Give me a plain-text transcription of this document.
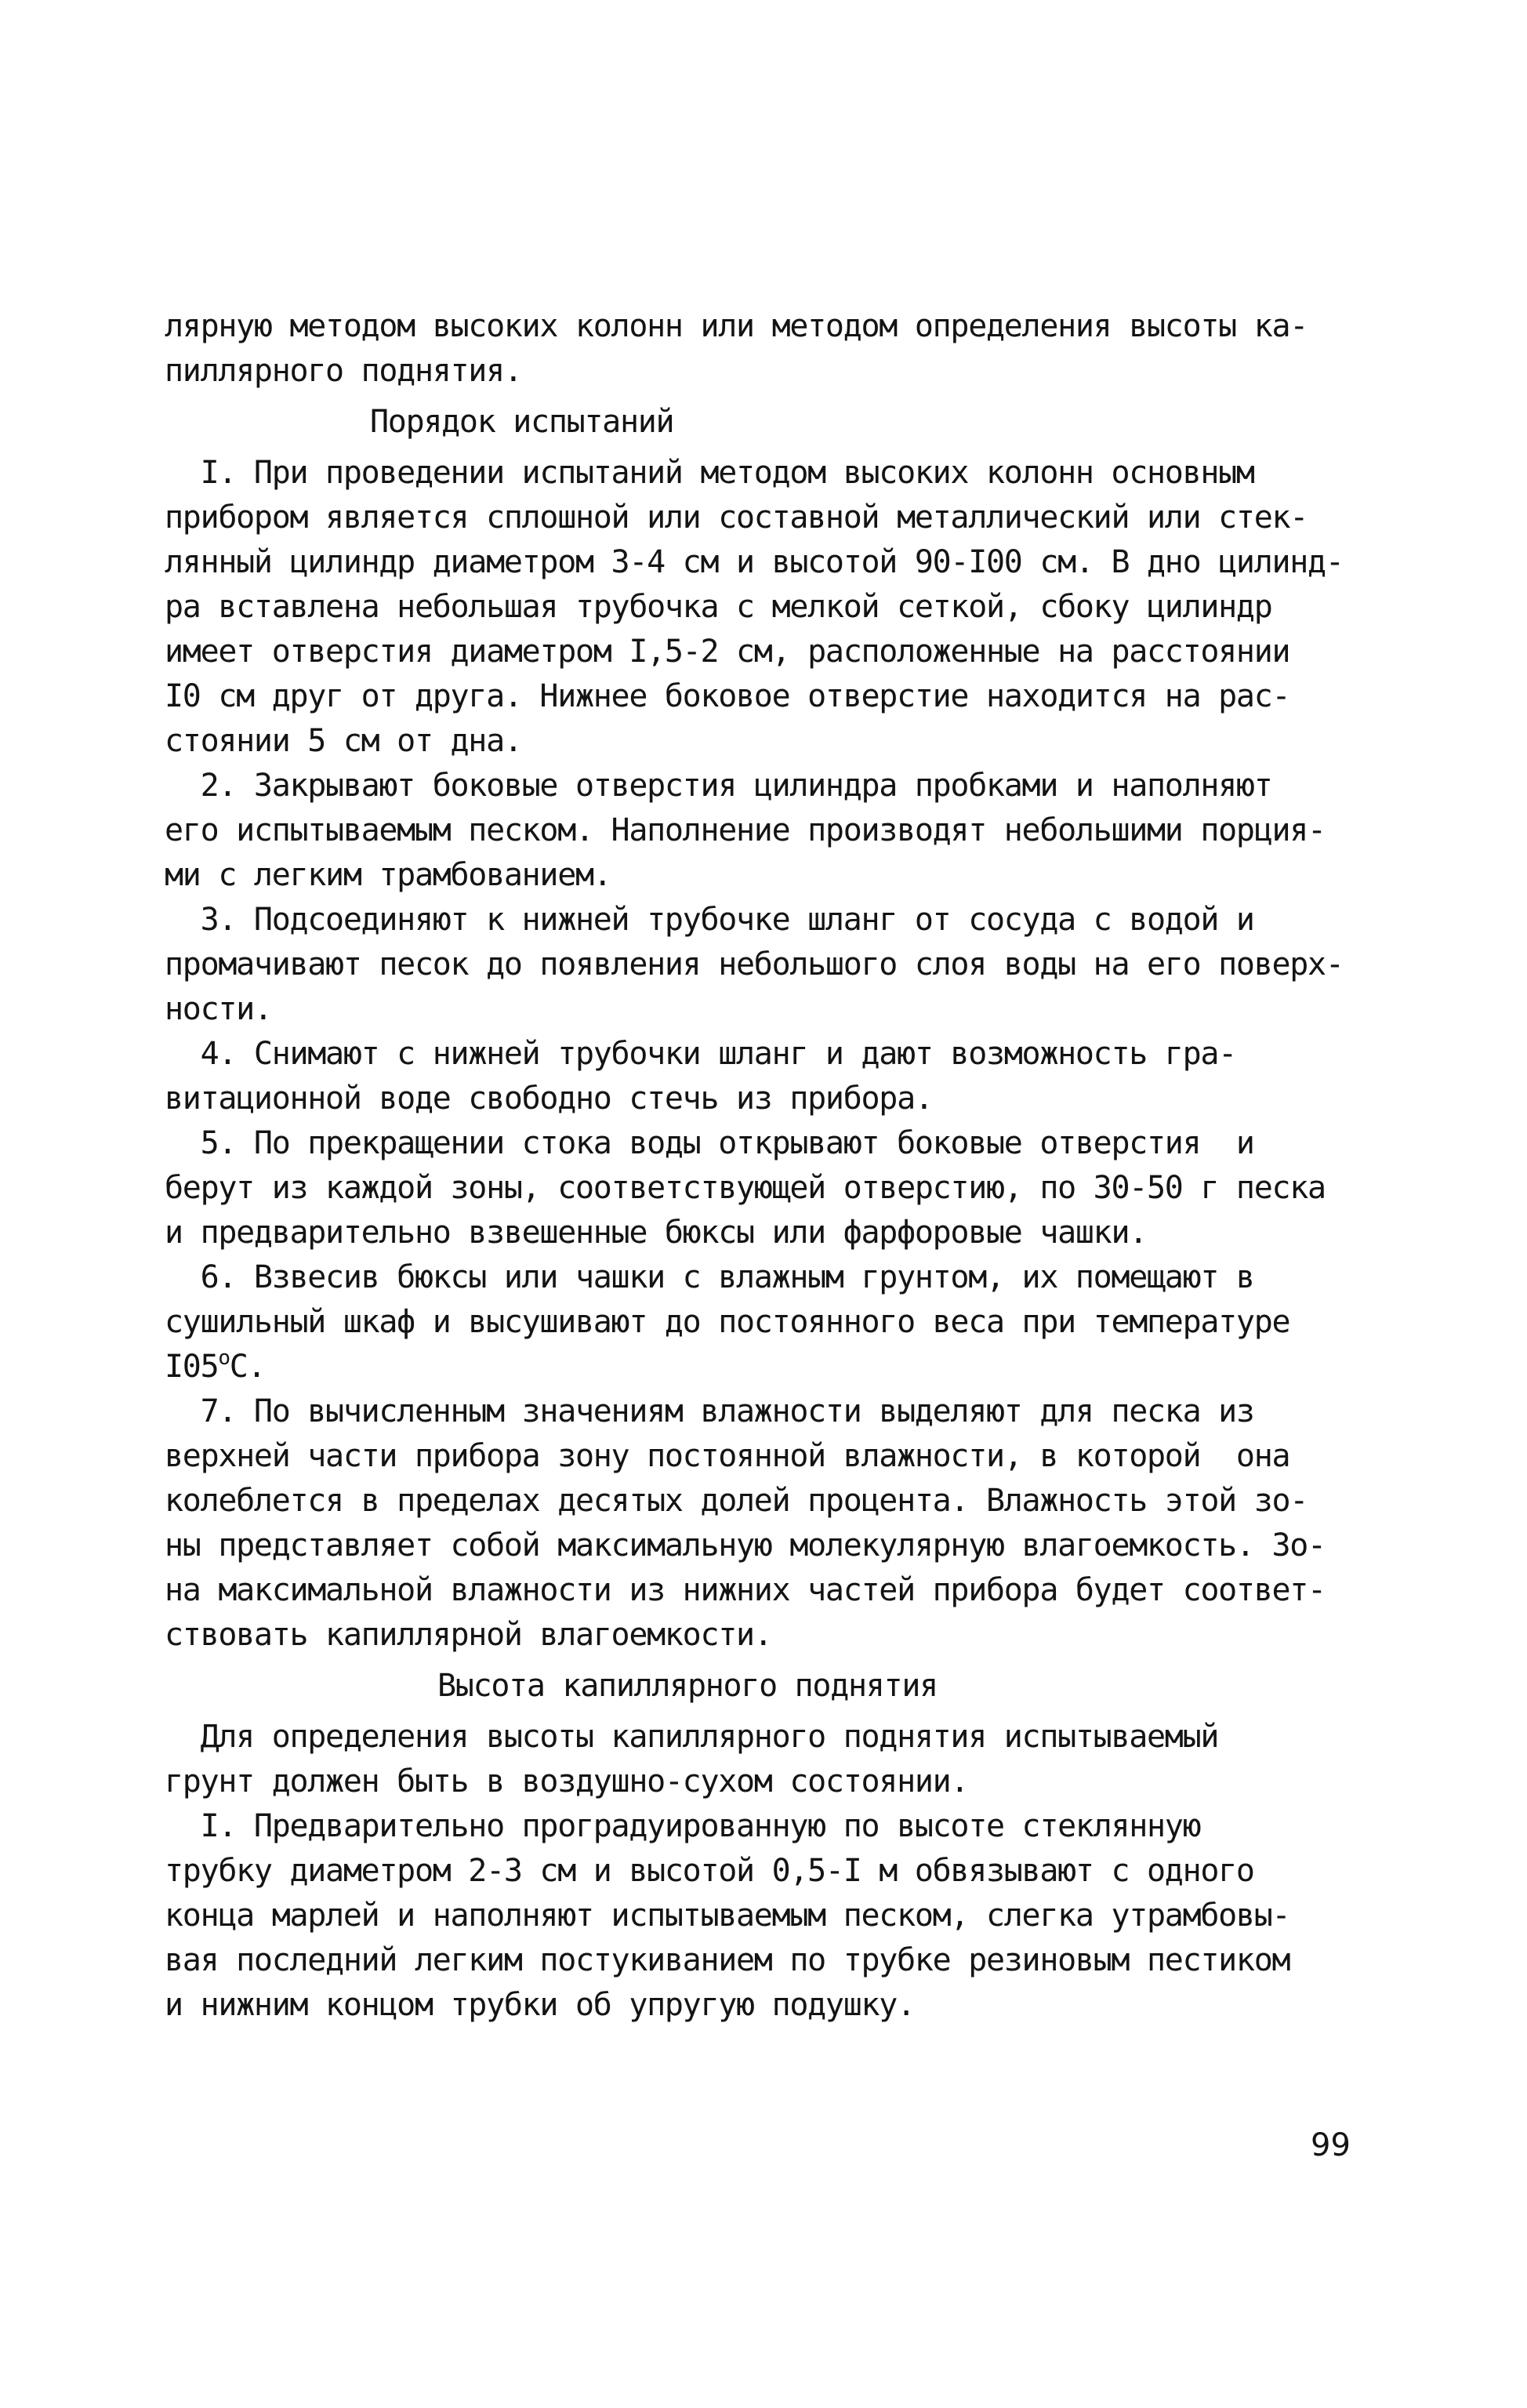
лярную методом высоких колонн или методом определения высоты ка-
пиллярного поднятия.
Порядок испытаний
I. При проведении испытаний методом высоких колонн основным
прибором является сплошной или составной металлический или стек-
лянный цилиндр диаметром 3-4 см и высотой 90-I00 см. В дно цилинд-
ра вставлена небольшая трубочка с мелкой сеткой, сбоку цилиндр
имеет отверстия диаметром I,5-2 см, расположенные на расстоянии
I0 см друг от друга. Нижнее боковое отверстие находится на рас-
стоянии 5 см от дна.
2. Закрывают боковые отверстия цилиндра пробками и наполняют
его испытываемым песком. Наполнение производят небольшими порция-
ми с легким трамбованием.
3. Подсоединяют к нижней трубочке шланг от сосуда с водой и
промачивают песок до появления небольшого слоя воды на его поверх-
ности.
4. Снимают с нижней трубочки шланг и дают возможность гра-
витационной воде свободно стечь из прибора.
5. По прекращении стока воды открывают боковые отверстия  и
берут из каждой зоны, соответствующей отверстию, по 30-50 г песка
и предварительно взвешенные бюксы или фарфоровые чашки.
6. Взвесив бюксы или чашки с влажным грунтом, их помещают в
сушильный шкаф и высушивают до постоянного веса при температуре
$I05^оС$.
7. По вычисленным значениям влажности выделяют для песка из
верхней части прибора зону постоянной влажности, в которой  она
колеблется в пределах десятых долей процента. Влажность этой зо-
ны представляет собой максимальную молекулярную влагоемкость. Зо-
на максимальной влажности из нижних частей прибора будет соответ-
ствовать капиллярной влагоемкости.
Высота капиллярного поднятия
Для определения высоты капиллярного поднятия испытываемый
грунт должен быть в воздушно-сухом состоянии.
I. Предварительно проградуированную по высоте стеклянную
трубку диаметром 2-3 см и высотой 0,5-I м обвязывают с одного
конца марлей и наполняют испытываемым песком, слегка утрамбовы-
вая последний легким постукиванием по трубке резиновым пестиком
и нижним концом трубки об упругую подушку.
99
